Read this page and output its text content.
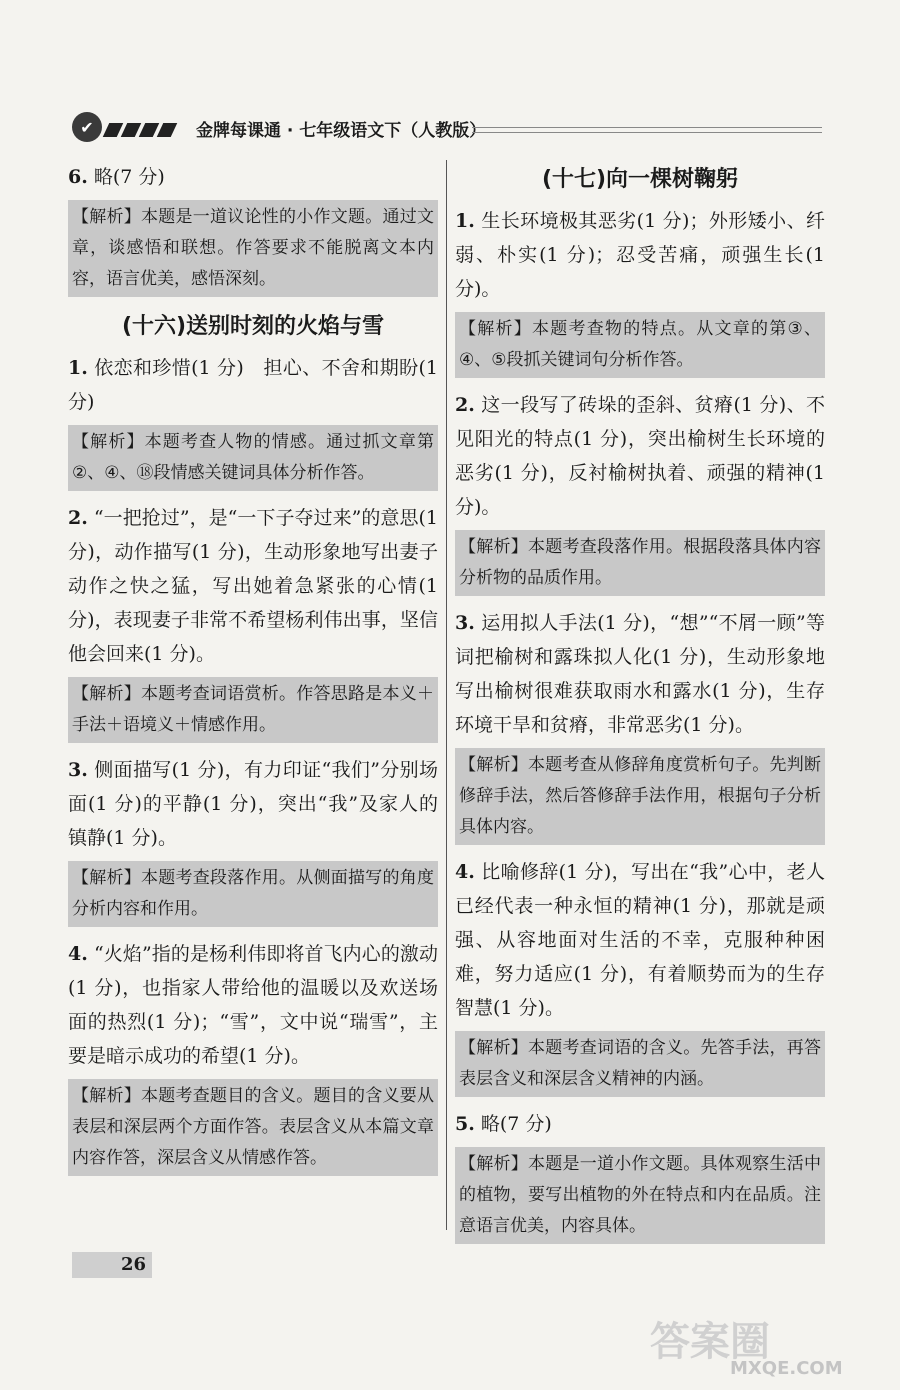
✔	金牌每课通 · 七年级语文下（人教版）

6. 略(7 分)

【解析】本题是一道议论性的小作文题。通过文章，谈感悟和联想。作答要求不能脱离文本内容，语言优美，感悟深刻。
(十六)送别时刻的火焰与雪

1. 依恋和珍惜(1 分)　担心、不舍和期盼(1 分)

【解析】本题考查人物的情感。通过抓文章第②、④、⑱段情感关键词具体分析作答。

2. “一把抢过”，是“一下子夺过来”的意思(1 分)，动作描写(1 分)，生动形象地写出妻子动作之快之猛，写出她着急紧张的心情(1 分)，表现妻子非常不希望杨利伟出事，坚信他会回来(1 分)。

【解析】本题考查词语赏析。作答思路是本义＋手法＋语境义＋情感作用。

3. 侧面描写(1 分)，有力印证“我们”分别场面(1 分)的平静(1 分)，突出“我”及家人的镇静(1 分)。

【解析】本题考查段落作用。从侧面描写的角度分析内容和作用。

4. “火焰”指的是杨利伟即将首飞内心的激动(1 分)，也指家人带给他的温暖以及欢送场面的热烈(1 分)；“雪”，文中说“瑞雪”，主要是暗示成功的希望(1 分)。

【解析】本题考查题目的含义。题目的含义要从表层和深层两个方面作答。表层含义从本篇文章内容作答，深层含义从情感作答。
(十七)向一棵树鞠躬

1. 生长环境极其恶劣(1 分)；外形矮小、纤弱、朴实(1 分)；忍受苦痛，顽强生长(1 分)。

【解析】本题考查物的特点。从文章的第③、④、⑤段抓关键词句分析作答。

2. 这一段写了砖垛的歪斜、贫瘠(1 分)、不见阳光的特点(1 分)，突出榆树生长环境的恶劣(1 分)，反衬榆树执着、顽强的精神(1 分)。

【解析】本题考查段落作用。根据段落具体内容分析物的品质作用。

3. 运用拟人手法(1 分)，“想”“不屑一顾”等词把榆树和露珠拟人化(1 分)，生动形象地写出榆树很难获取雨水和露水(1 分)，生存环境干旱和贫瘠，非常恶劣(1 分)。

【解析】本题考查从修辞角度赏析句子。先判断修辞手法，然后答修辞手法作用，根据句子分析具体内容。

4. 比喻修辞(1 分)，写出在“我”心中，老人已经代表一种永恒的精神(1 分)，那就是顽强、从容地面对生活的不幸，克服种种困难，努力适应(1 分)，有着顺势而为的生存智慧(1 分)。

【解析】本题考查词语的含义。先答手法，再答表层含义和深层含义精神的内涵。

5. 略(7 分)

【解析】本题是一道小作文题。具体观察生活中的植物，要写出植物的外在特点和内在品质。注意语言优美，内容具体。
26
答案圈
MXQE.COM
